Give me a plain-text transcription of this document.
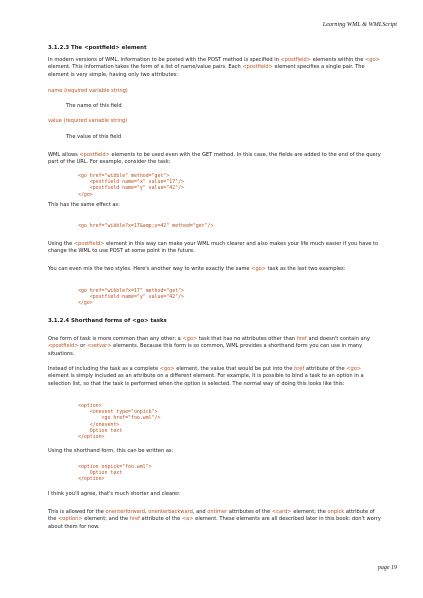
Learning WML & WMLScript
3.1.2.3 The <postfield> element

In modern versions of WML, information to be posted with the POST method is specified in <postfield> elements within the <go> element. This information takes the form of a list of name/value pairs. Each <postfield> element specifies a single pair. The element is very simple, having only two attributes:

name (required variable string)
The name of this field
value (required variable string)
The value of this field

WML allows <postfield> elements to be used even with the GET method. In this case, the fields are added to the end of the query part of the URL. For example, consider the task:

<go href="wibble" method="get">
<postfield name="x" value="17"/>
<postfield name="y" value="42"/>
</go>
This has the same effect as:
<go href="wibble?x=17&amp;y=42" method="get"/>

Using the <postfield> element in this way can make your WML much clearer and also makes your life much easier if you have to change the WML to use POST at some point in the future.

You can even mix the two styles. Here's another way to write exactly the same <go> task as the last two examples:

<go href="wibble?x=17" method="get">
<postfield name="y" value="42"/>
</go>
3.1.2.4 Shorthand forms of <go> tasks

One form of task is more common than any other: a <go> task that has no attributes other than href and doesn't contain any <postfield> or <setvar> elements. Because this form is so common, WML provides a shorthand form you can use in many situations.

Instead of including the task as a complete <go> element, the value that would be put into the href attribute of the <go> element is simply included as an attribute on a different element. For example, it is possible to bind a task to an option in a selection list, so that the task is performed when the option is selected. The normal way of doing this looks like this:

<option>
<onevent type="onpick">
<go href="foo.wml"/>
</onevent>
Option text
</option>
Using the shorthand form, this can be written as:
<option onpick="foo.wml">
Option text
</option>
I think you'll agree, that's much shorter and clearer.

This is allowed for the onenterforward, onenterbackward, and ontimer attributes of the <card> element; the onpick attribute of the <option> element; and the href attribute of the <a> element. These elements are all described later in this book: don't worry about them for now.

page 19
